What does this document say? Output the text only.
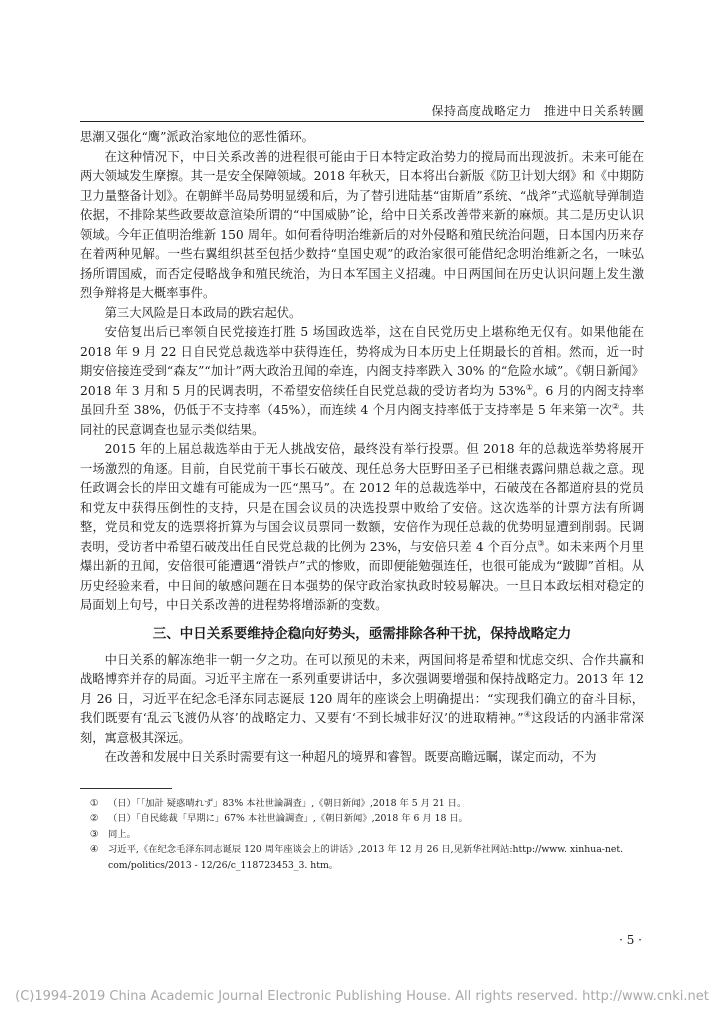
保持高度战略定力　推进中日关系转圜

思潮又强化“鹰”派政治家地位的恶性循环。

在这种情况下，中日关系改善的进程很可能由于日本特定政治势力的搅局而出现波折。未来可能在两大领域发生摩擦。其一是安全保障领域。2018 年秋天，日本将出台新版《防卫计划大纲》和《中期防卫力量整备计划》。在朝鲜半岛局势明显缓和后，为了替引进陆基“宙斯盾”系统、“战斧”式巡航导弹制造依据，不排除某些政要故意渲染所谓的“中国威胁”论，给中日关系改善带来新的麻烦。其二是历史认识领域。今年正值明治维新 150 周年。如何看待明治维新后的对外侵略和殖民统治问题，日本国内历来存在着两种见解。一些右翼组织甚至包括少数持“皇国史观”的政治家很可能借纪念明治维新之名，一味弘扬所谓国威，而否定侵略战争和殖民统治，为日本军国主义招魂。中日两国间在历史认识问题上发生激烈争辩将是大概率事件。

第三大风险是日本政局的跌宕起伏。

安倍复出后已率领自民党接连打胜 5 场国政选举，这在自民党历史上堪称绝无仅有。如果他能在 2018 年 9 月 22 日自民党总裁选举中获得连任，势将成为日本历史上任期最长的首相。然而，近一时期安倍接连受到“森友”“加计”两大政治丑闻的牵连，内阁支持率跌入 30% 的“危险水域”。《朝日新闻》2018 年 3 月和 5 月的民调表明，不希望安倍续任自民党总裁的受访者均为 53%①。6 月的内阁支持率虽回升至 38%，仍低于不支持率（45%），而连续 4 个月内阁支持率低于支持率是 5 年来第一次②。共同社的民意调查也显示类似结果。

2015 年的上届总裁选举由于无人挑战安倍，最终没有举行投票。但 2018 年的总裁选举势将展开一场激烈的角逐。目前，自民党前干事长石破茂、现任总务大臣野田圣子已相继表露问鼎总裁之意。现任政调会长的岸田文雄有可能成为一匹“黑马”。在 2012 年的总裁选举中，石破茂在各都道府县的党员和党友中获得压倒性的支持，只是在国会议员的决选投票中败给了安倍。这次选举的计票方法有所调整，党员和党友的选票将折算为与国会议员票同一数额，安倍作为现任总裁的优势明显遭到削弱。民调表明，受访者中希望石破茂出任自民党总裁的比例为 23%，与安倍只差 4 个百分点③。如未来两个月里爆出新的丑闻，安倍很可能遭遇“滑铁卢”式的惨败，而即便能勉强连任，也很可能成为“跛脚”首相。从历史经验来看，中日间的敏感问题在日本强势的保守政治家执政时较易解决。一旦日本政坛相对稳定的局面划上句号，中日关系改善的进程势将增添新的变数。

三、中日关系要维持企稳向好势头，亟需排除各种干扰，保持战略定力

中日关系的解冻绝非一朝一夕之功。在可以预见的未来，两国间将是希望和忧虑交织、合作共赢和战略博弈并存的局面。习近平主席在一系列重要讲话中，多次强调要增强和保持战略定力。2013 年 12 月 26 日，习近平在纪念毛泽东同志诞辰 120 周年的座谈会上明确提出：“实现我们确立的奋斗目标，我们既要有‘乱云飞渡仍从容’的战略定力、又要有‘不到长城非好汉’的进取精神。”④这段话的内涵非常深刻，寓意极其深远。

在改善和发展中日关系时需要有这一种超凡的境界和睿智。既要高瞻远瞩，谋定而动，不为

①	（日）「「加計 疑惑晴れず」83% 本社世論調査」,《朝日新闻》,2018 年 5 月 21 日。
②	（日）「自民総裁「早期に」67% 本社世論調査」,《朝日新闻》,2018 年 6 月 18 日。
③	同上。
④	习近平,《在纪念毛泽东同志诞辰 120 周年座谈会上的讲话》,2013 年 12 月 26 日,见新华社网站:http://www. xinhua-net. com/politics/2013 - 12/26/c_118723453_3. htm。
· 5 ·
(C)1994-2019 China Academic Journal Electronic Publishing House. All rights reserved. http://www.cnki.net
